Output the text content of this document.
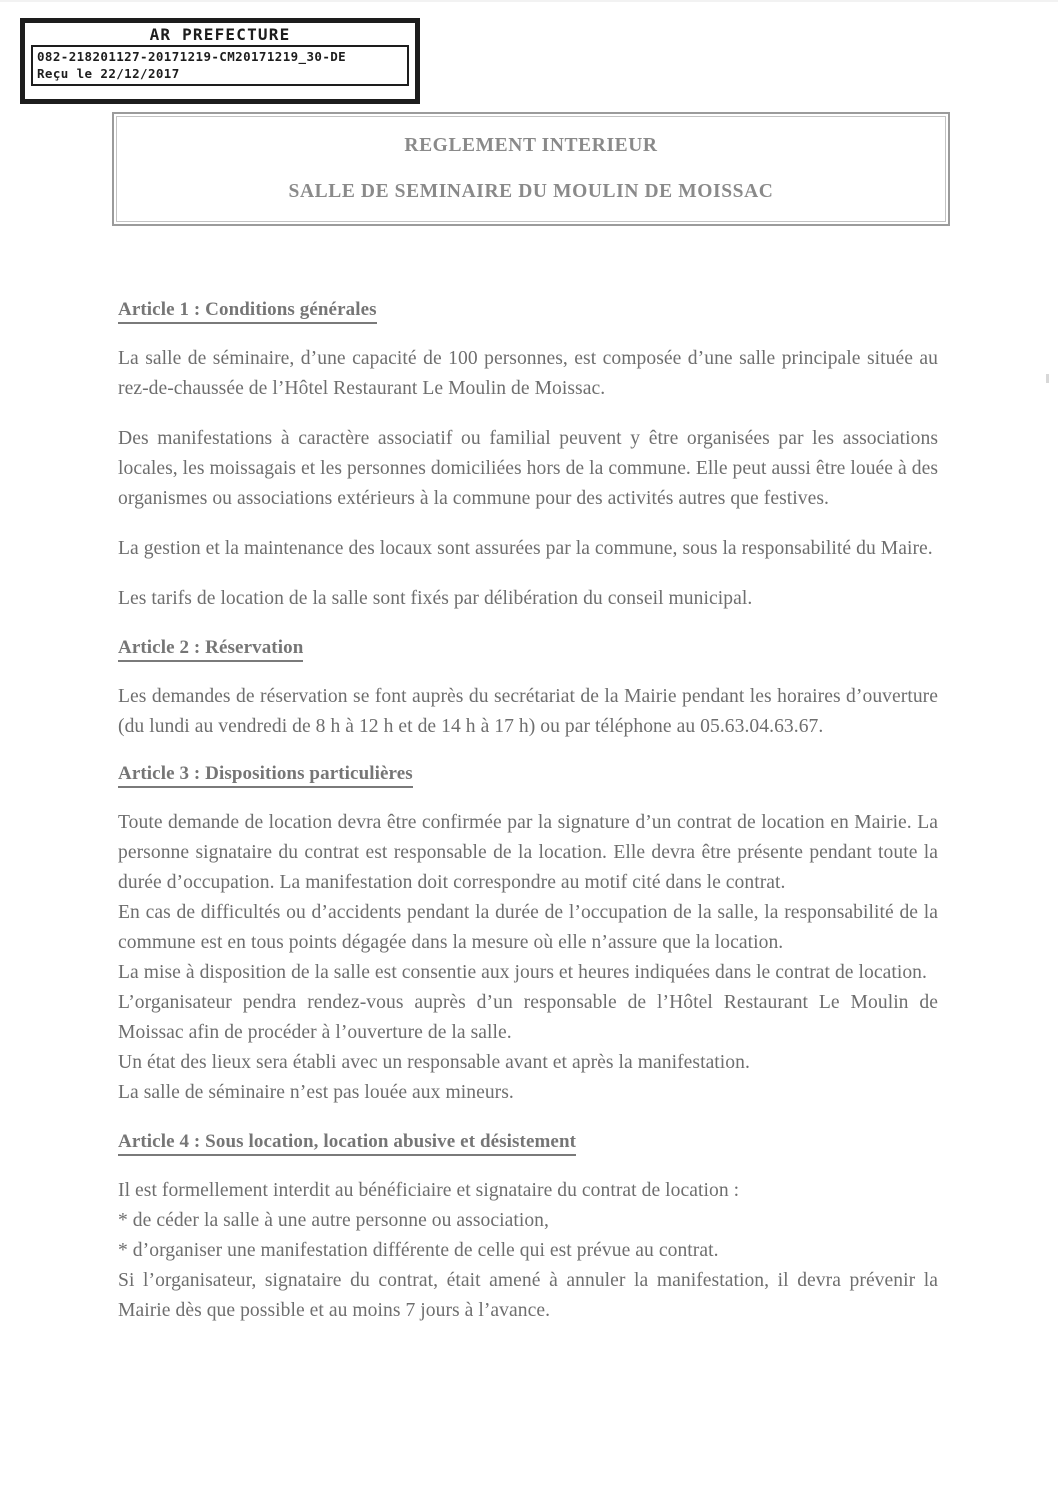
AR PREFECTURE
082-218201127-20171219-CM20171219_30-DE
Reçu le 22/12/2017
REGLEMENT INTERIEUR
SALLE DE SEMINAIRE DU MOULIN DE MOISSAC
Article 1 : Conditions générales

La salle de séminaire, d’une capacité de 100 personnes, est composée d’une salle principale située au rez-de-chaussée de l’Hôtel Restaurant Le Moulin de Moissac.

Des manifestations à caractère associatif ou familial peuvent y être organisées par les associations locales, les moissagais et les personnes domiciliées hors de la commune. Elle peut aussi être louée à des organismes ou associations extérieurs à la commune pour des activités autres que festives.

La gestion et la maintenance des locaux sont assurées par la commune, sous la responsabilité du Maire.

Les tarifs de location de la salle sont fixés par délibération du conseil municipal.

Article 2 : Réservation

Les demandes de réservation se font auprès du secrétariat de la Mairie pendant les horaires d’ouverture (du lundi au vendredi de 8 h à 12 h et de 14 h à 17 h) ou par téléphone au 05.63.04.63.67.

Article 3 : Dispositions particulières

Toute demande de location devra être confirmée par la signature d’un contrat de location en Mairie. La personne signataire du contrat est responsable de la location. Elle devra être présente pendant toute la durée d’occupation. La manifestation doit correspondre au motif cité dans le contrat.

En cas de difficultés ou d’accidents pendant la durée de l’occupation de la salle, la responsabilité de la commune est en tous points dégagée dans la mesure où elle n’assure que la location.

La mise à disposition de la salle est consentie aux jours et heures indiquées dans le contrat de location.

L’organisateur pendra rendez-vous auprès d’un responsable de l’Hôtel Restaurant Le Moulin de Moissac afin de procéder à l’ouverture de la salle.

Un état des lieux sera établi avec un responsable avant et après la manifestation.

La salle de séminaire n’est pas louée aux mineurs.

Article 4 : Sous location, location abusive et désistement

Il est formellement interdit au bénéficiaire et signataire du contrat de location :

* de céder la salle à une autre personne ou association,

* d’organiser une manifestation différente de celle qui est prévue au contrat.

Si l’organisateur, signataire du contrat, était amené à annuler la manifestation, il devra prévenir la Mairie dès que possible et au moins 7 jours à l’avance.
